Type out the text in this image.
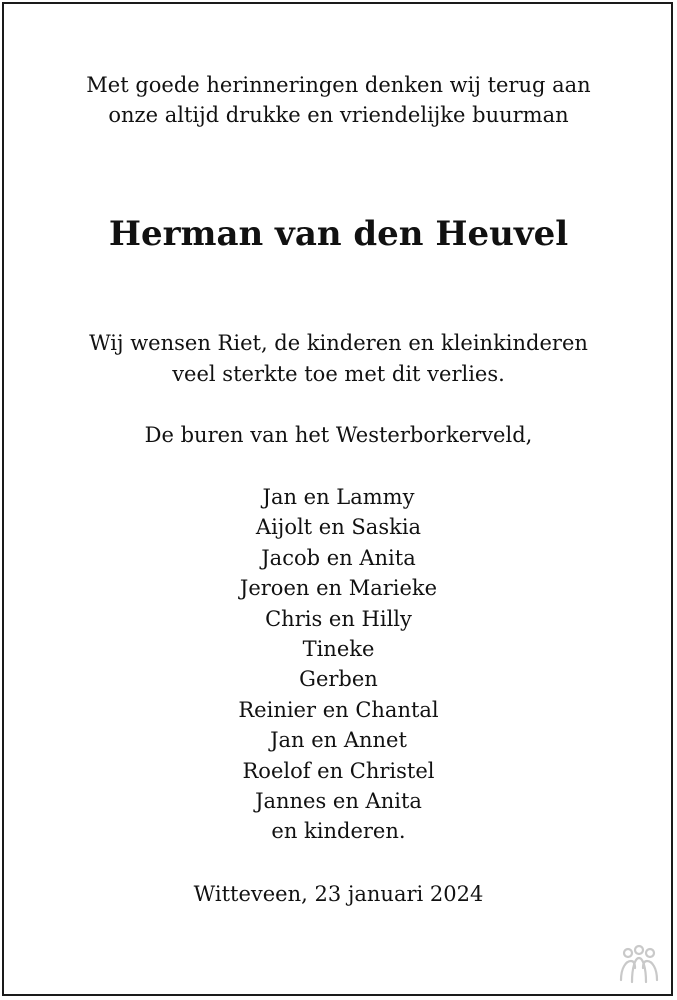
Met goede herinneringen denken wij terug aan
onze altijd drukke en vriendelijke buurman
Herman van den Heuvel
Wij wensen Riet, de kinderen en kleinkinderen
veel sterkte toe met dit verlies.
De buren van het Westerborkerveld,
Jan en Lammy
Aijolt en Saskia
Jacob en Anita
Jeroen en Marieke
Chris en Hilly
Tineke
Gerben
Reinier en Chantal
Jan en Annet
Roelof en Christel
Jannes en Anita
en kinderen.
Witteveen, 23 januari 2024
